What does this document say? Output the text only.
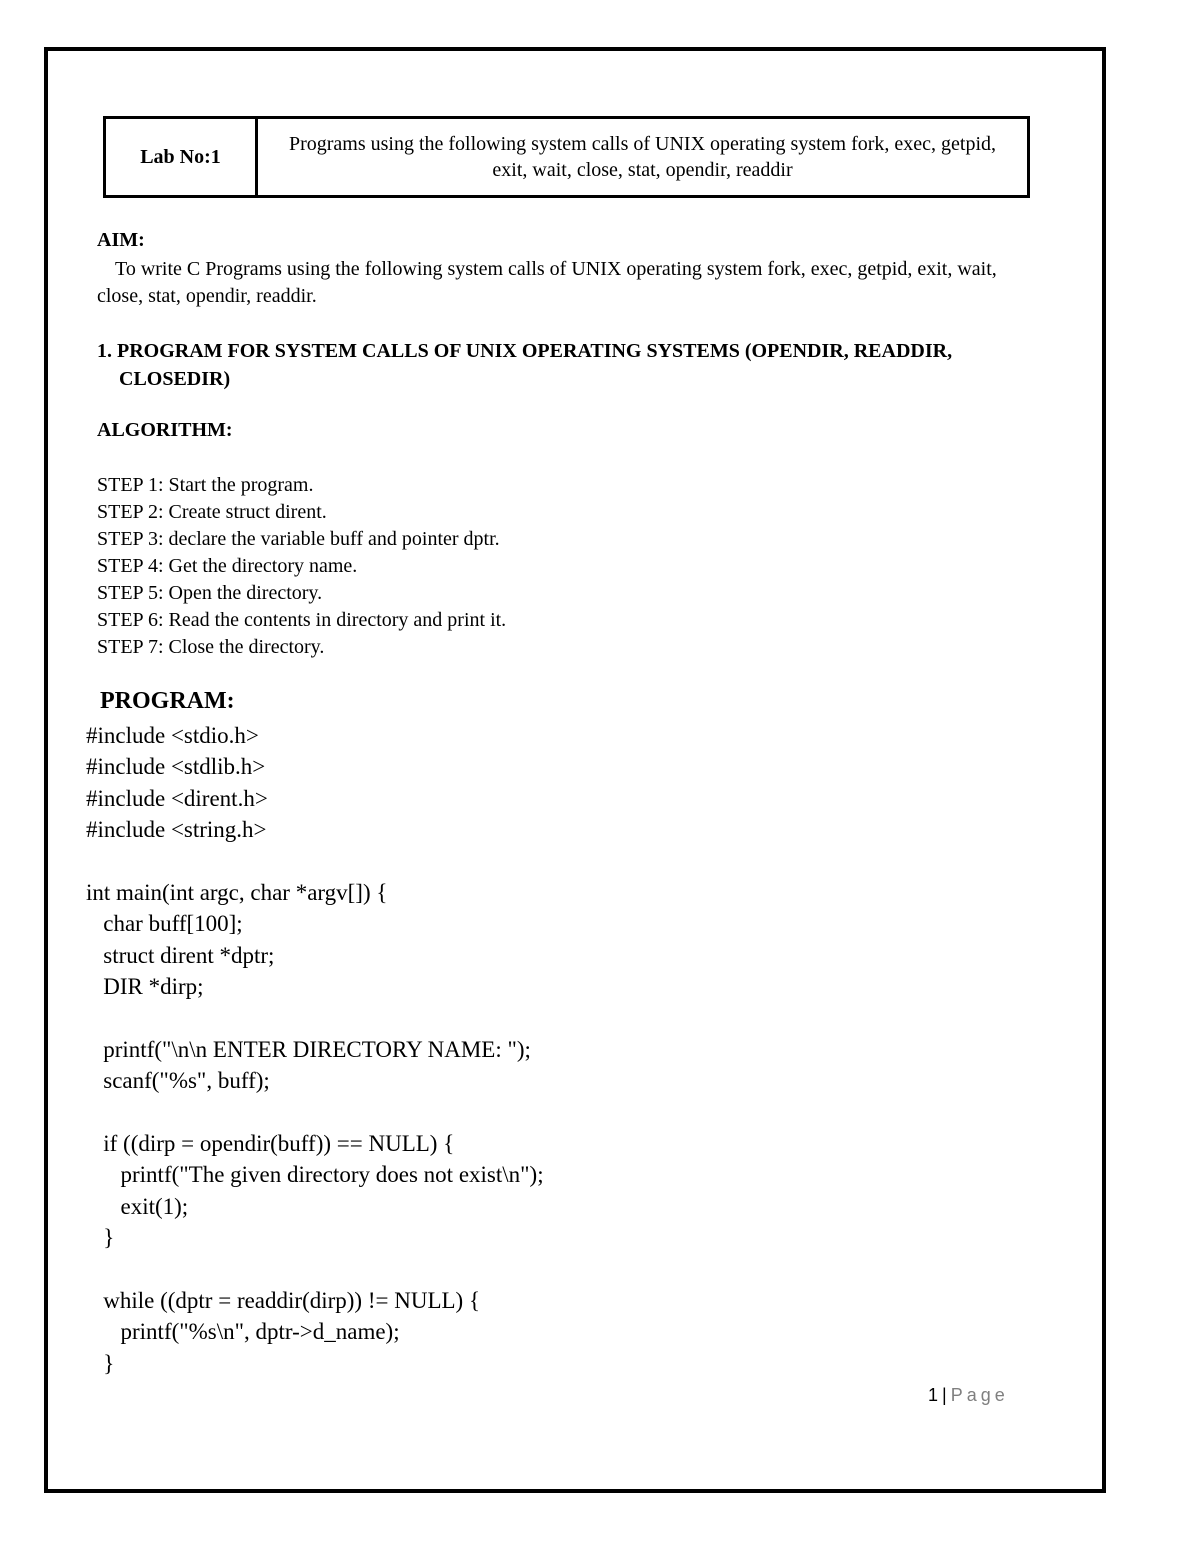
Lab No:1
Programs using the following system calls of UNIX operating system fork, exec, getpid, exit, wait, close, stat, opendir, readdir
AIM:
To write C Programs using the following system calls of UNIX operating system fork, exec, getpid, exit, wait, close, stat, opendir, readdir.
1. PROGRAM FOR SYSTEM CALLS OF UNIX OPERATING SYSTEMS (OPENDIR, READDIR, CLOSEDIR)
ALGORITHM:
STEP 1: Start the program.
STEP 2: Create struct dirent.
STEP 3: declare the variable buff and pointer dptr.
STEP 4: Get the directory name.
STEP 5: Open the directory.
STEP 6: Read the contents in directory and print it.
STEP 7: Close the directory.
PROGRAM:
#include <stdio.h>
#include <stdlib.h>
#include <dirent.h>
#include <string.h>
int main(int argc, char *argv[]) {
char buff[100];
struct dirent *dptr;
DIR *dirp;
printf("\n\n ENTER DIRECTORY NAME: ");
scanf("%s", buff);
if ((dirp = opendir(buff)) == NULL) {
printf("The given directory does not exist\n");
exit(1);
}
while ((dptr = readdir(dirp)) != NULL) {
printf("%s\n", dptr->d_name);
}
1 | Page
